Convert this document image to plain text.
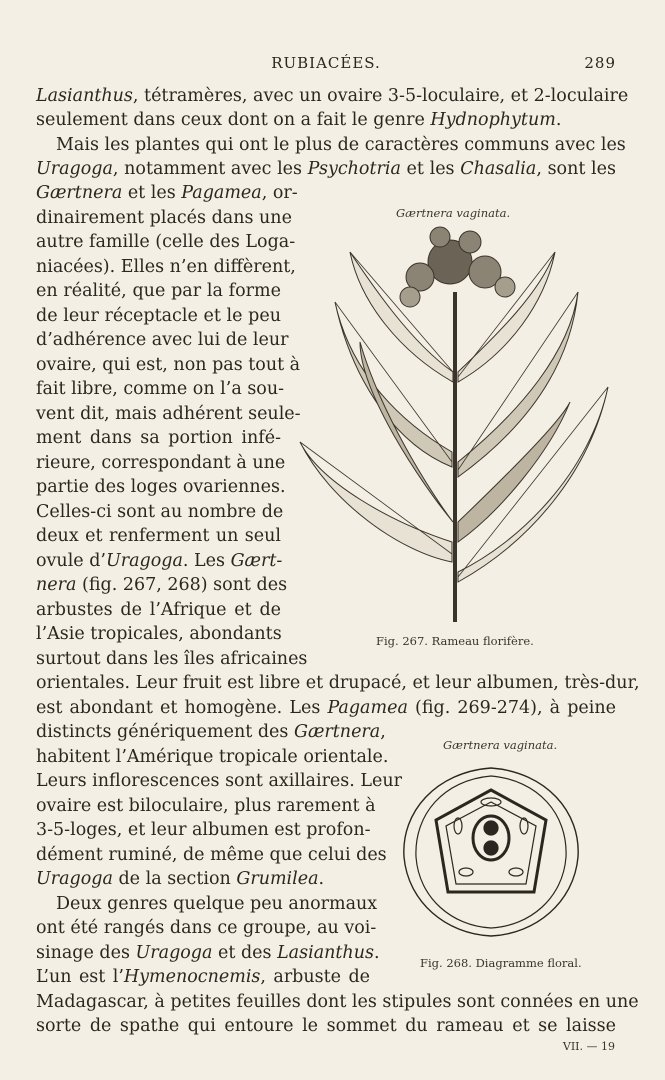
RUBIACÉES.	289
Lasianthus, tétramères, avec un ovaire 3-5-loculaire, et 2-loculaire
seulement dans ceux dont on a fait le genre Hydnophytum.
Mais les plantes qui ont le plus de caractères communs avec les
Uragoga, notamment avec les Psychotria et les Chasalia, sont les
Gærtnera et les Pagamea, or-
dinairement placés dans une
autre famille (celle des Loga-
niacées). Elles n’en diffèrent,
en réalité, que par la forme
de leur réceptacle et le peu
d’adhérence avec lui de leur
ovaire, qui est, non pas tout à
fait libre, comme on l’a sou-
vent dit, mais adhérent seule-
ment dans sa portion infé-
rieure, correspondant à une
partie des loges ovariennes.
Celles-ci sont au nombre de
deux et renferment un seul
ovule d’Uragoga. Les Gært-
nera (fig. 267, 268) sont des
arbustes de l’Afrique et de
l’Asie tropicales, abondants
surtout dans les îles africaines
orientales. Leur fruit est libre et drupacé, et leur albumen, très-dur,
est abondant et homogène. Les Pagamea (fig. 269-274), à peine
distincts génériquement des Gærtnera,
habitent l’Amérique tropicale orientale.
Leurs inflorescences sont axillaires. Leur
ovaire est biloculaire, plus rarement à
3-5-loges, et leur albumen est profon-
dément ruminé, de même que celui des
Uragoga de la section Grumilea.
Deux genres quelque peu anormaux
ont été rangés dans ce groupe, au voi-
sinage des Uragoga et des Lasianthus.
L’un est l’Hymenocnemis, arbuste de
Madagascar, à petites feuilles dont les stipules sont connées en une
sorte de spathe qui entoure le sommet du rameau et se laisse
Gærtnera vaginata.
Fig. 267. Rameau florifère.
Gærtnera vaginata.
Fig. 268. Diagramme floral.
VII. — 19
